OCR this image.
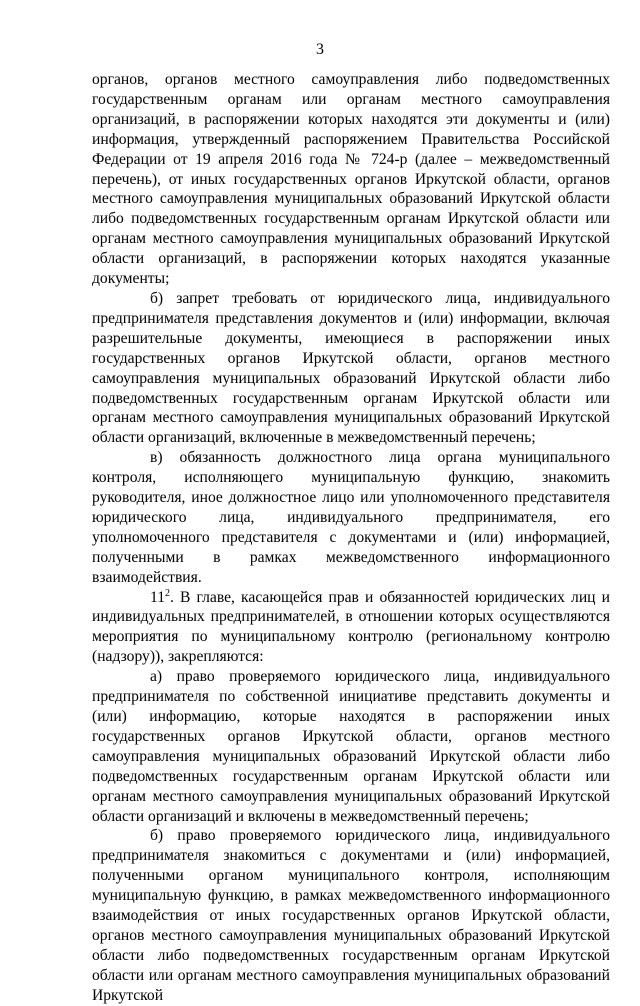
3

органов, органов местного самоуправления либо подведомственных государственным органам или органам местного самоуправления организаций, в распоряжении которых находятся эти документы и (или) информация, утвержденный распоряжением Правительства Российской Федерации от 19 апреля 2016 года № 724-р (далее – межведомственный перечень), от иных государственных органов Иркутской области, органов местного самоуправления муниципальных образований Иркутской области либо подведомственных государственным органам Иркутской области или органам местного самоуправления муниципальных образований Иркутской области организаций, в распоряжении которых находятся указанные документы;

б) запрет требовать от юридического лица, индивидуального предпринимателя представления документов и (или) информации, включая разрешительные документы, имеющиеся в распоряжении иных государственных органов Иркутской области, органов местного самоуправления муниципальных образований Иркутской области либо подведомственных государственным органам Иркутской области или органам местного самоуправления муниципальных образований Иркутской области организаций, включенные в межведомственный перечень;

в) обязанность должностного лица органа муниципального контроля, исполняющего муниципальную функцию, знакомить руководителя, иное должностное лицо или уполномоченного представителя юридического лица, индивидуального предпринимателя, его уполномоченного представителя с документами и (или) информацией, полученными в рамках межведомственного информационного взаимодействия.

$11^2$. В главе, касающейся прав и обязанностей юридических лиц и индивидуальных предпринимателей, в отношении которых осуществляются мероприятия по муниципальному контролю (региональному контролю (надзору)), закрепляются:

а) право проверяемого юридического лица, индивидуального предпринимателя по собственной инициативе представить документы и (или) информацию, которые находятся в распоряжении иных государственных органов Иркутской области, органов местного самоуправления муниципальных образований Иркутской области либо подведомственных государственным органам Иркутской области или органам местного самоуправления муниципальных образований Иркутской области организаций и включены в межведомственный перечень;

б) право проверяемого юридического лица, индивидуального предпринимателя знакомиться с документами и (или) информацией, полученными органом муниципального контроля, исполняющим муниципальную функцию, в рамках межведомственного информационного взаимодействия от иных государственных органов Иркутской области, органов местного самоуправления муниципальных образований Иркутской области либо подведомственных государственным органам Иркутской области или органам местного самоуправления муниципальных образований Иркутской
